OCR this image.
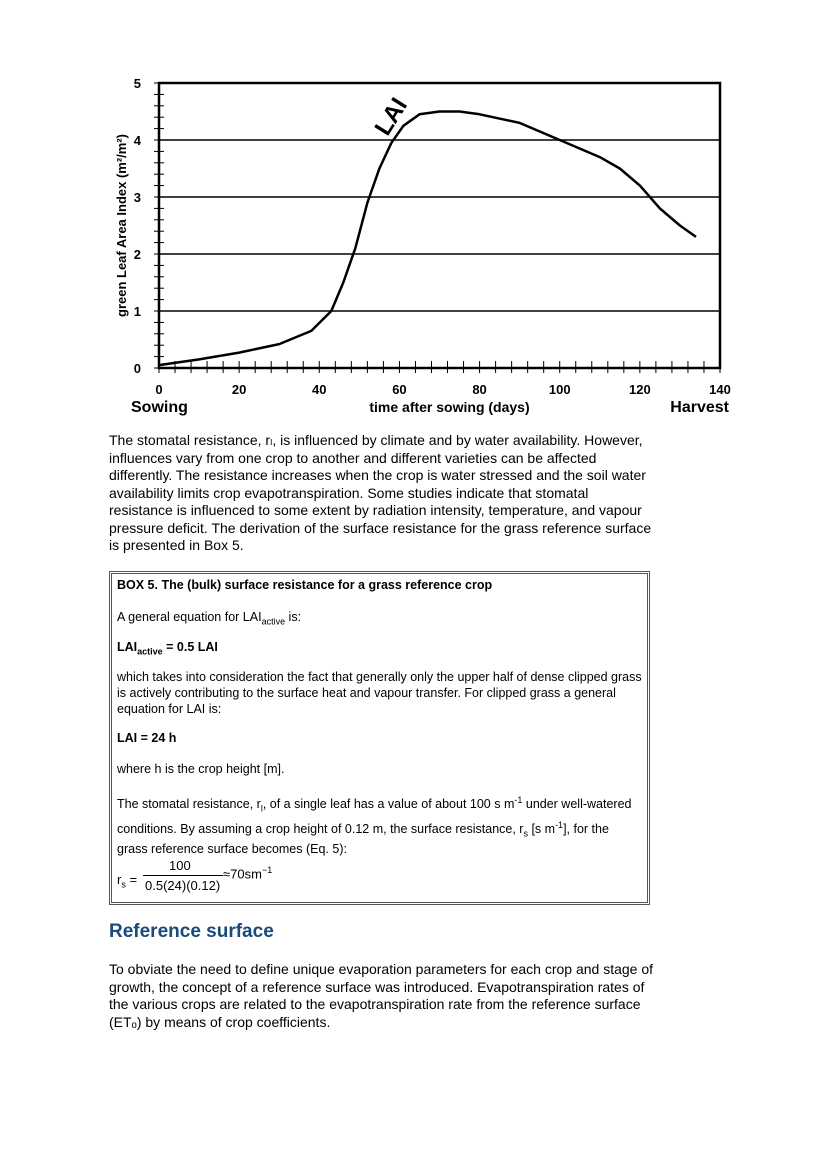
0
1
2
3
4
5
0	20	40	60	80	100	120	140
time after sowing (days)
Sowing	Harvest
green Leaf Area Index (m²/m²)
LAI

The stomatal resistance, rₗ, is influenced by climate and by water availability. However, influences vary from one crop to another and different varieties can be affected differently. The resistance increases when the crop is water stressed and the soil water availability limits crop evapotranspiration. Some studies indicate that stomatal resistance is influenced to some extent by radiation intensity, temperature, and vapour pressure deficit. The derivation of the surface resistance for the grass reference surface is presented in Box 5.

BOX 5. The (bulk) surface resistance for a grass reference crop

A general equation for $LAI_{active}$ is:

$LAI_{active} = 0.5$ LAI

which takes into consideration the fact that generally only the upper half of dense clipped grass is actively contributing to the surface heat and vapour transfer. For clipped grass a general equation for LAI is:

LAI = 24 h

where h is the crop height [m].

The stomatal resistance, $r_l$, of a single leaf has a value of about 100 s $m^{-1}$ under well-watered conditions. By assuming a crop height of 0.12 m, the surface resistance, $r_s$ [s $m^{-1}$], for the grass reference surface becomes (Eq. 5):

$r_s$ =
100
0.5(24)(0.12)
$\approx 70sm^{-1}$
Reference surface

To obviate the need to define unique evaporation parameters for each crop and stage of growth, the concept of a reference surface was introduced. Evapotranspiration rates of the various crops are related to the evapotranspiration rate from the reference surface (ETₒ) by means of crop coefficients.
